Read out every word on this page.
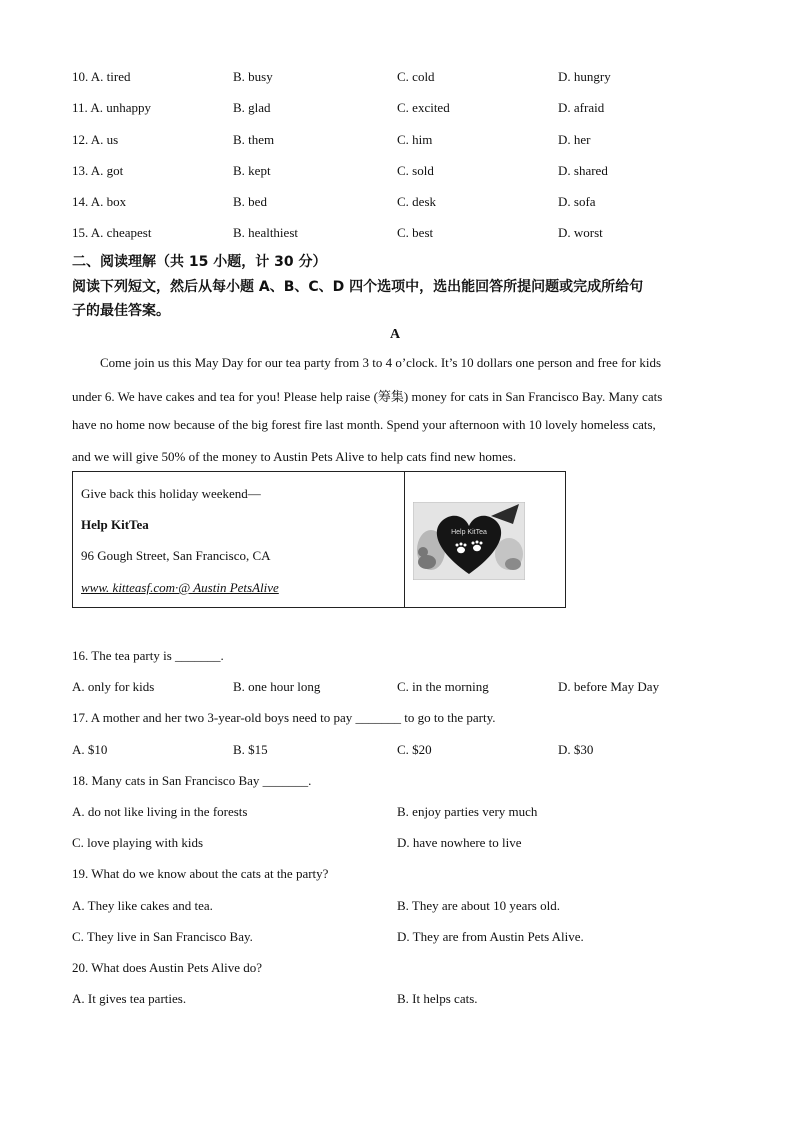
10. A. tired	B. busy	C. cold	D. hungry
11. A. unhappy	B. glad	C. excited	D. afraid
12. A. us	B. them	C. him	D. her
13. A. got	B. kept	C. sold	D. shared
14. A. box	B. bed	C. desk	D. sofa
15. A. cheapest	B. healthiest	C. best	D. worst
二、阅读理解（共 15 小题，计 30 分）
阅读下列短文，然后从每小题 A、B、C、D 四个选项中，选出能回答所提问题或完成所给句
子的最佳答案。
A

Come join us this May Day for our tea party from 3 to 4 o’clock. It’s 10 dollars one person and free for kids

under 6. We have cakes and tea for you! Please help raise (筹集) money for cats in San Francisco Bay. Many cats

have no home now because of the big forest fire last month. Spend your afternoon with 10 lovely homeless cats,

and we will give 50% of the money to Austin Pets Alive to help cats find new homes.

Give back this holiday weekend—
Help KitTea
96 Gough Street, San Francisco, CA
www. kitteasf.com·@ Austin PetsAlive
Help KitTea
16. The tea party is _______.
A. only for kids	B. one hour long	C. in the morning	D. before May Day
17. A mother and her two 3-year-old boys need to pay _______ to go to the party.
A. $10	B. $15	C. $20	D. $30
18. Many cats in San Francisco Bay _______.
A. do not like living in the forests	B. enjoy parties very much
C. love playing with kids	D. have nowhere to live
19. What do we know about the cats at the party?
A. They like cakes and tea.	B. They are about 10 years old.
C. They live in San Francisco Bay.	D. They are from Austin Pets Alive.
20. What does Austin Pets Alive do?
A. It gives tea parties.	B. It helps cats.
